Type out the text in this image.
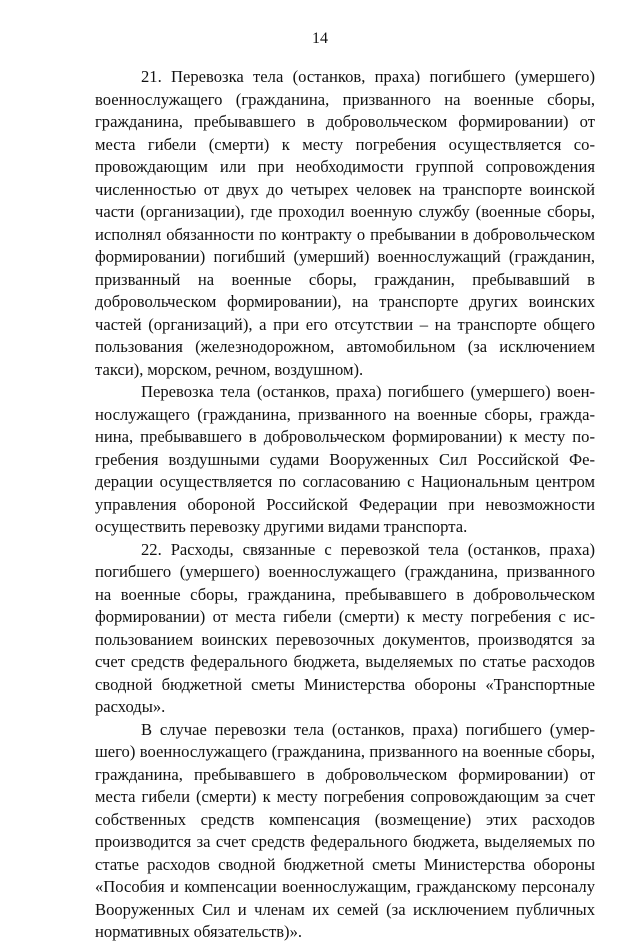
14

21. Перевозка тела (останков, праха) погибшего (умершего) военнослужащего (гражданина, призванного на военные сборы, гражданина, пребывавшего в добровольческом формировании) от места гибели (смерти) к месту погребения осуществляется сопровождающим или при необходимости группой сопровождения численностью от двух до четырех человек на транспорте воинской части (организации), где проходил военную службу (военные сборы, исполнял обязанности по контракту о пребывании в добровольческом формировании) погибший (умерший) военнослужащий (гражданин, призванный на военные сборы, гражданин, пребывавший в добровольческом формировании), на транспорте других воинских частей (организаций), а при его отсутствии – на транспорте общего пользования (железнодорожном, автомобильном (за исключением такси), морском, речном, воздушном).

Перевозка тела (останков, праха) погибшего (умершего) военнослужащего (гражданина, призванного на военные сборы, гражданина, пребывавшего в добровольческом формировании) к месту погребения воздушными судами Вооруженных Сил Российской Федерации осуществляется по согласованию с Национальным центром управления обороной Российской Федерации при невозможности осуществить перевозку другими видами транспорта.

22. Расходы, связанные с перевозкой тела (останков, праха) погибшего (умершего) военнослужащего (гражданина, призванного на военные сборы, гражданина, пребывавшего в добровольческом формировании) от места гибели (смерти) к месту погребения с использованием воинских перевозочных документов, производятся за счет средств федерального бюджета, выделяемых по статье расходов сводной бюджетной сметы Министерства обороны «Транспортные расходы».

В случае перевозки тела (останков, праха) погибшего (умершего) военнослужащего (гражданина, призванного на военные сборы, гражданина, пребывавшего в добровольческом формировании) от места гибели (смерти) к месту погребения сопровождающим за счет собственных средств компенсация (возмещение) этих расходов производится за счет средств федерального бюджета, выделяемых по статье расходов сводной бюджетной сметы Министерства обороны «Пособия и компенсации военнослужащим, гражданскому персоналу Вооруженных Сил и членам их семей (за исключением публичных нормативных обязательств)».
